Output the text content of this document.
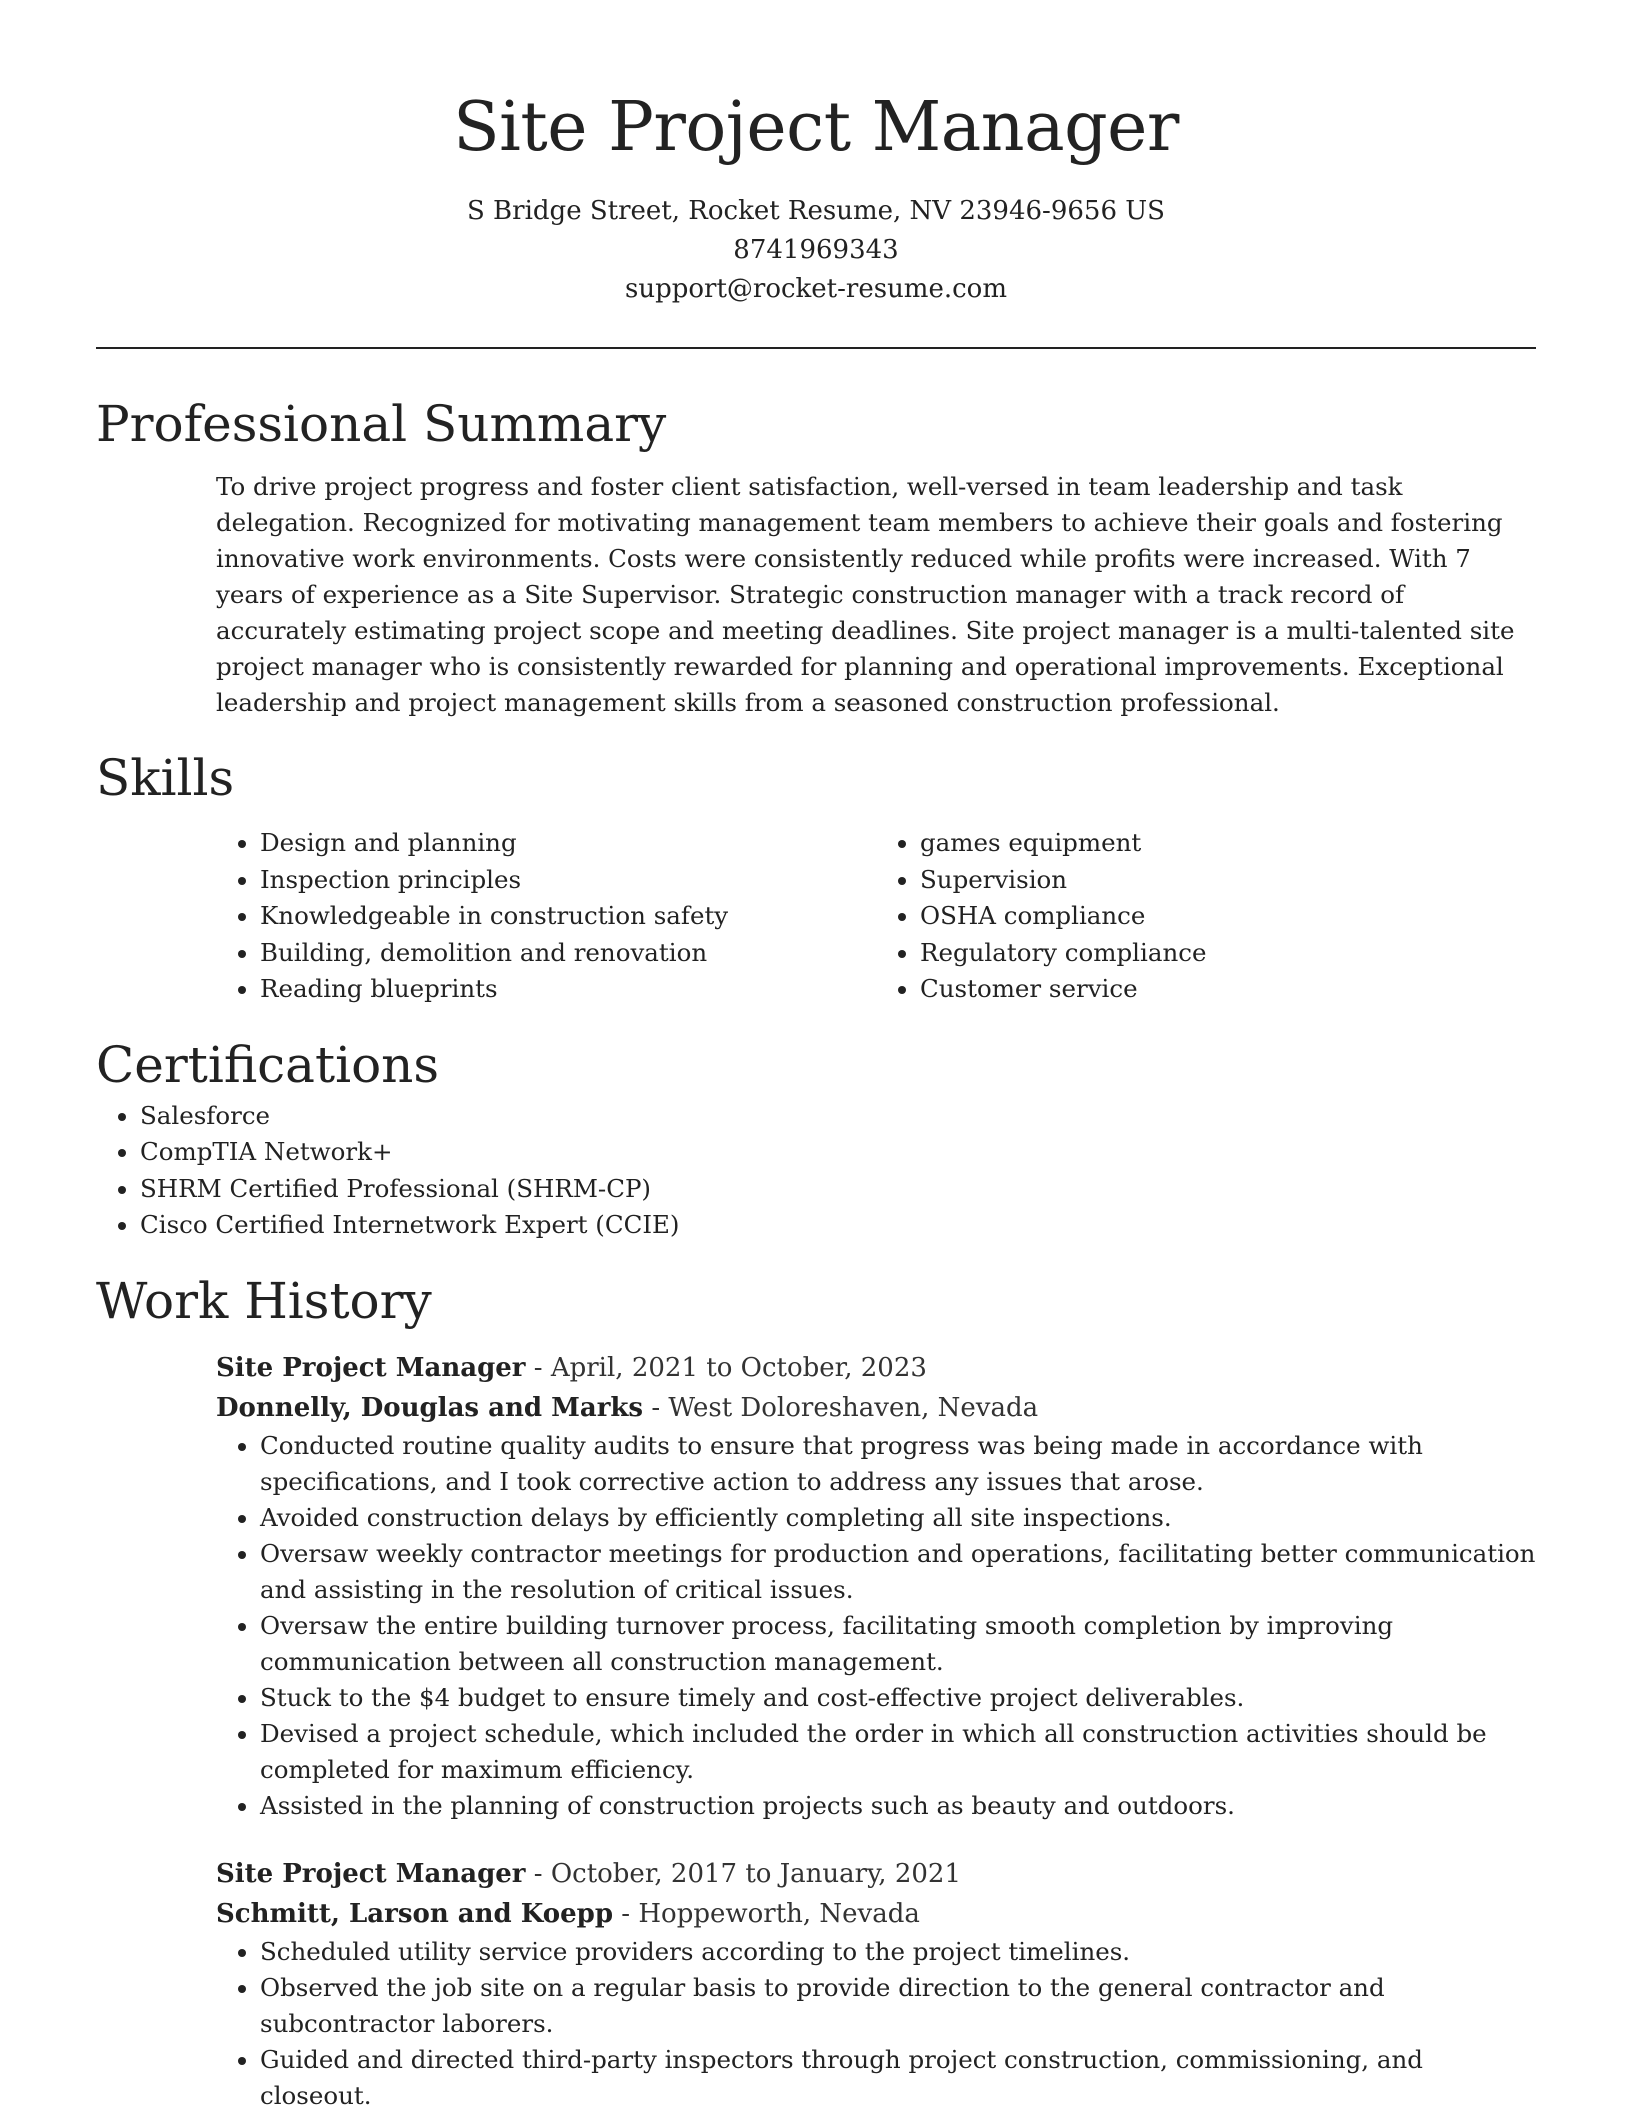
Site Project Manager
S Bridge Street, Rocket Resume, NV 23946-9656 US
8741969343
support@rocket-resume.com
Professional Summary
To drive project progress and foster client satisfaction, well-versed in team leadership and task delegation. Recognized for motivating management team members to achieve their goals and fostering innovative work environments. Costs were consistently reduced while profits were increased. With 7 years of experience as a Site Supervisor. Strategic construction manager with a track record of accurately estimating project scope and meeting deadlines. Site project manager is a multi-talented site project manager who is consistently rewarded for planning and operational improvements. Exceptional leadership and project management skills from a seasoned construction professional.
Skills
• Design and planning
• Inspection principles
• Knowledgeable in construction safety
• Building, demolition and renovation
• Reading blueprints
• games equipment
• Supervision
• OSHA compliance
• Regulatory compliance
• Customer service
Certifications
• Salesforce
• CompTIA Network+
• SHRM Certified Professional (SHRM-CP)
• Cisco Certified Internetwork Expert (CCIE)
Work History
Site Project Manager - April, 2021 to October, 2023
Donnelly, Douglas and Marks - West Doloreshaven, Nevada
• Conducted routine quality audits to ensure that progress was being made in accordance with specifications, and I took corrective action to address any issues that arose.
• Avoided construction delays by efficiently completing all site inspections.
• Oversaw weekly contractor meetings for production and operations, facilitating better communication and assisting in the resolution of critical issues.
• Oversaw the entire building turnover process, facilitating smooth completion by improving communication between all construction management.
• Stuck to the $4 budget to ensure timely and cost-effective project deliverables.
• Devised a project schedule, which included the order in which all construction activities should be completed for maximum efficiency.
• Assisted in the planning of construction projects such as beauty and outdoors.
Site Project Manager - October, 2017 to January, 2021
Schmitt, Larson and Koepp - Hoppeworth, Nevada
• Scheduled utility service providers according to the project timelines.
• Observed the job site on a regular basis to provide direction to the general contractor and subcontractor laborers.
• Guided and directed third-party inspectors through project construction, commissioning, and closeout.
